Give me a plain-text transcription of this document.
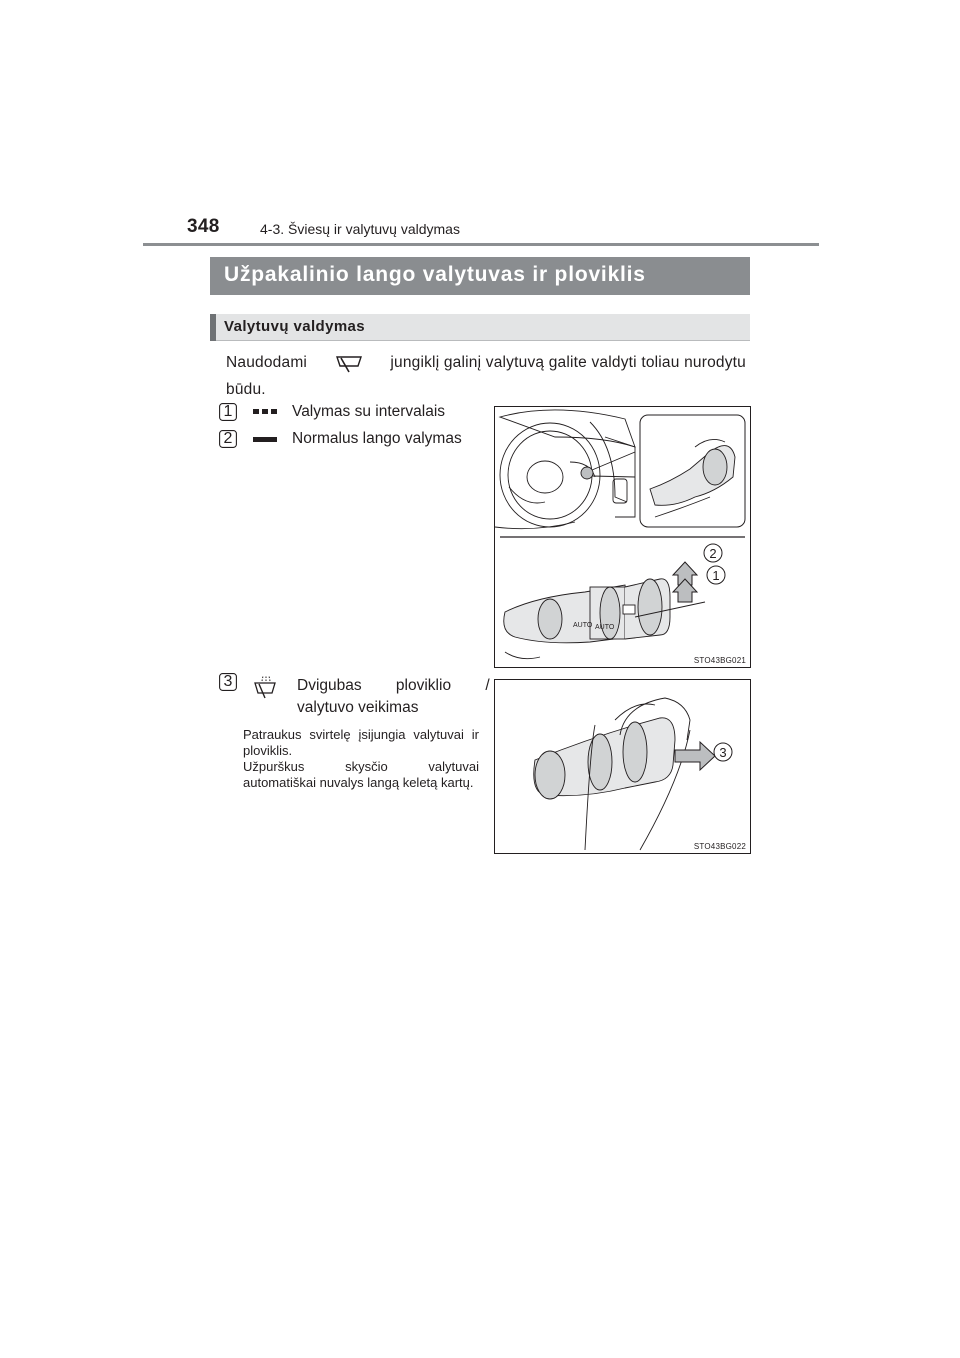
348	4-3. Šviesų ir valytuvų valdymas
Užpakalinio lango valytuvas ir ploviklis
Valytuvų valdymas
Naudodami	jungiklį galinį valytuvą galite valdyti toliau nurodytu
būdu.
1	Valymas su intervalais
2	Normalus lango valymas
AUTO AUTO
2
1
STO43BG021
3	Dvigubas ploviklio /
valytuvo veikimas

Patraukus svirtelę įsijungia valytuvai ir ploviklis.

Užpurškus skysčio valytuvai automatiškai nuvalys langą keletą kartų.

3
STO43BG022
